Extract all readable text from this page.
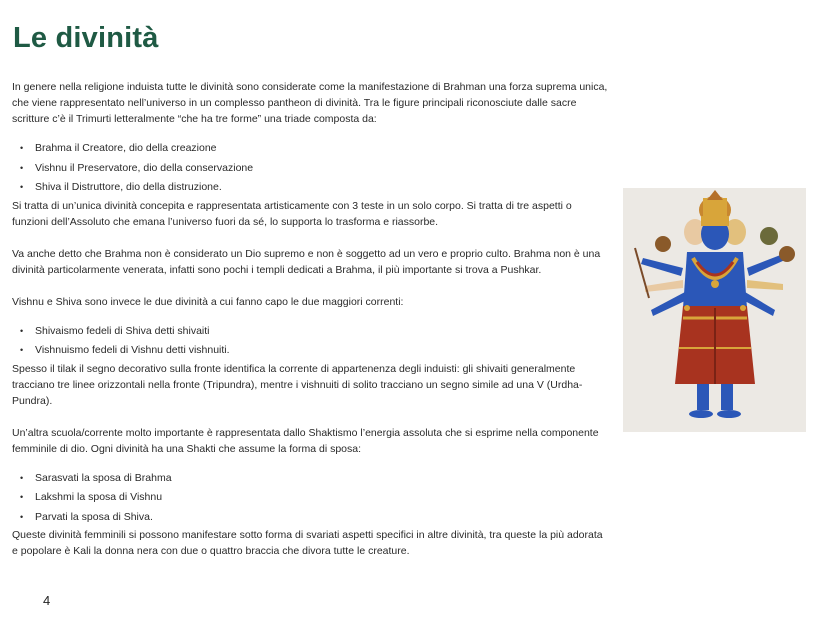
Le divinità

In genere nella religione induista tutte le divinità sono considerate come la manifestazione di Brahman una forza suprema unica, che viene rappresentato nell’universo in un complesso pantheon di divinità. Tra le figure principali riconosciute dalle sacre scritture c’è il Trimurti letteralmente “che ha tre forme” una triade composta da:

• Brahma il Creatore, dio della creazione
• Vishnu il Preservatore, dio della conservazione
• Shiva il Distruttore, dio della distruzione.

Si tratta di un’unica divinità concepita e rappresentata artisticamente con 3 teste in un solo corpo. Si tratta di tre aspetti o funzioni dell’Assoluto che emana l’universo fuori da sé, lo supporta lo trasforma e riassorbe.

Va anche detto che Brahma non è considerato un Dio supremo e non è soggetto ad un vero e proprio culto. Brahma non è una divinità particolarmente venerata, infatti sono pochi i templi dedicati a Brahma, il più importante si trova a Pushkar.

Vishnu e Shiva sono invece le due divinità a cui fanno capo le due maggiori correnti:

• Shivaismo fedeli di Shiva detti shivaiti
• Vishnuismo fedeli di Vishnu detti vishnuiti.

Spesso il tilak il segno decorativo sulla fronte identifica la corrente di appartenenza degli induisti: gli shivaiti generalmente tracciano tre linee orizzontali nella fronte (Tripundra), mentre i vishnuiti di solito tracciano un segno simile ad una V (Urdha-Pundra).

Un’altra scuola/corrente molto importante è rappresentata dallo Shaktismo l’energia assoluta che si esprime nella componente femminile di dio. Ogni divinità ha una Shakti che assume la forma di sposa:

• Sarasvati la sposa di Brahma
• Lakshmi la sposa di Vishnu
• Parvati la sposa di Shiva.

Queste divinità femminili si possono manifestare sotto forma di svariati aspetti specifici in altre divinità, tra queste la più adorata e popolare è Kali la donna nera con due o quattro braccia che divora tutte le creature.

4
